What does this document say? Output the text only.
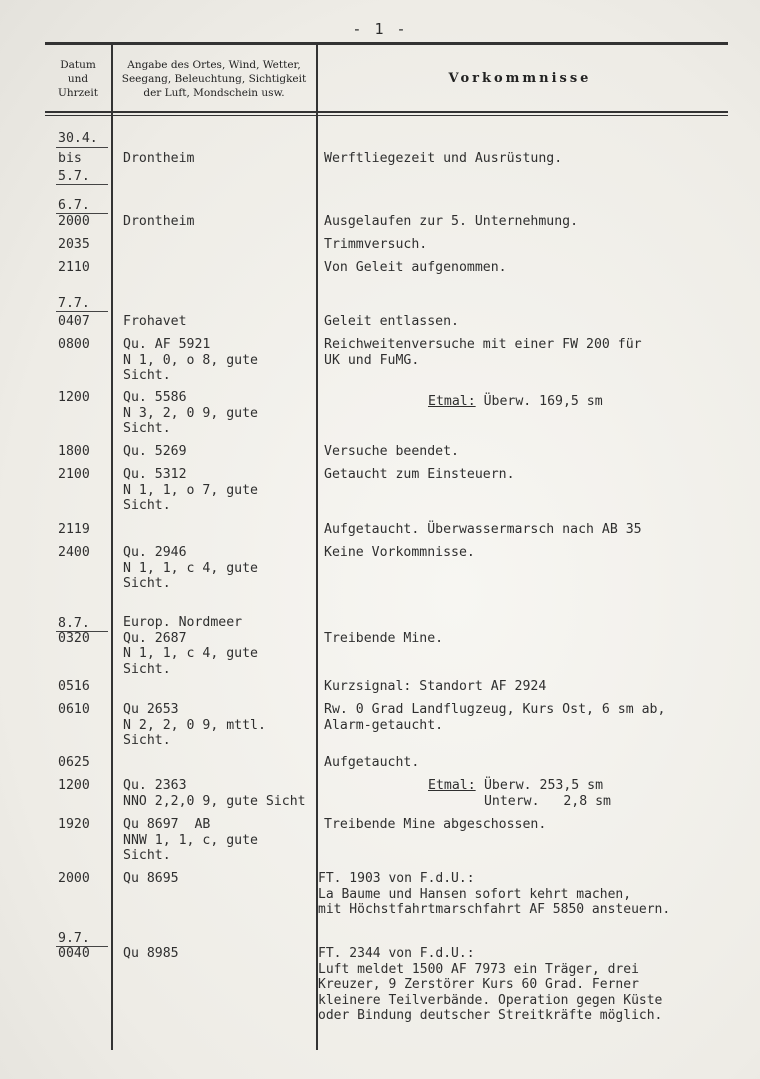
- 1 -
Datum
und
Uhrzeit
Angabe des Ortes, Wind, Wetter,
Seegang, Beleuchtung, Sichtigkeit
der Luft, Mondschein usw.
Vorkommnisse
30.4.
bis
5.7.
6.7.
7.7.
8.7.
9.7.
2000
2035
2110
0407
0800
1200
1800
2100
2119
2400
0320
0516
0610
0625
1200
1920
2000
0040
Drontheim
Drontheim
Frohavet
Qu. AF 5921
N 1, 0, o 8, gute
Sicht.
Qu. 5586
N 3, 2, 0 9, gute
Sicht.
Qu. 5269
Qu. 5312
N 1, 1, o 7, gute
Sicht.
Qu. 2946
N 1, 1, c 4, gute
Sicht.
Europ. Nordmeer
Qu. 2687
N 1, 1, c 4, gute
Sicht.
Qu 2653
N 2, 2, 0 9, mttl.
Sicht.
Qu. 2363
NNO 2,2,0 9, gute Sicht
Qu 8697  AB
NNW 1, 1, c, gute
Sicht.
Qu 8695
Qu 8985
Werftliegezeit und Ausrüstung.
Ausgelaufen zur 5. Unternehmung.
Trimmversuch.
Von Geleit aufgenommen.
Geleit entlassen.
Reichweitenversuche mit einer FW 200 für
UK und FuMG.
Etmal: Überw. 169,5 sm
Versuche beendet.
Getaucht zum Einsteuern.
Aufgetaucht. Überwassermarsch nach AB 35
Keine Vorkommnisse.
Treibende Mine.
Kurzsignal: Standort AF 2924
Rw. 0 Grad Landflugzeug, Kurs Ost, 6 sm ab,
Alarm-getaucht.
Aufgetaucht.
Etmal: Überw. 253,5 sm
Unterw.   2,8 sm
Treibende Mine abgeschossen.
FT. 1903 von F.d.U.:
La Baume und Hansen sofort kehrt machen,
mit Höchstfahrtmarschfahrt AF 5850 ansteuern.
FT. 2344 von F.d.U.:
Luft meldet 1500 AF 7973 ein Träger, drei
Kreuzer, 9 Zerstörer Kurs 60 Grad. Ferner
kleinere Teilverbände. Operation gegen Küste
oder Bindung deutscher Streitkräfte möglich.
